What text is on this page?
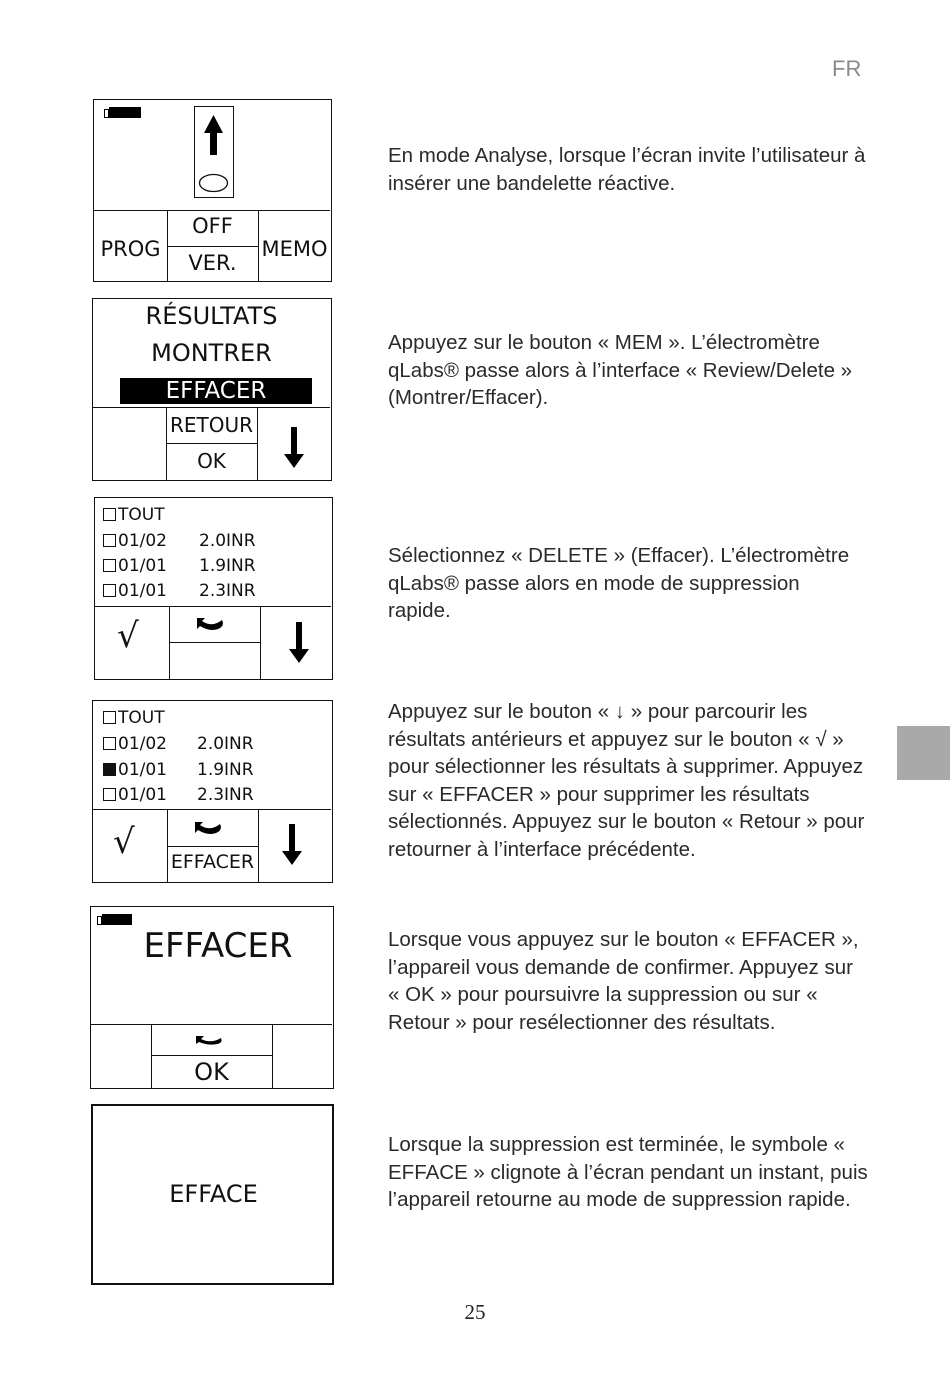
FR
PROG
OFF
VER.
MEMO

En mode Analyse, lorsque l’écran invite l’utilisateur à insérer une bandelette réactive.

RÉSULTATS
MONTRER
EFFACER
RETOUR
OK

Appuyez sur le bouton « MEM ». L’électromètre qLabs® passe alors à l’interface « Review/Delete » (Montrer/Effacer).

TOUT
01/02 2.0INR
01/01 1.9INR
01/01 2.3INR
√

Sélectionnez « DELETE » (Effacer). L’électromètre qLabs® passe alors en mode de suppression rapide.

TOUT
01/02 2.0INR
01/01 1.9INR
01/01 2.3INR
√ EFFACER

Appuyez sur le bouton « ↓ » pour parcourir les résultats antérieurs et appuyez sur le bouton « √ » pour sélectionner les résultats à supprimer. Appuyez sur « EFFACER » pour supprimer les résultats sélectionnés. Appuyez sur le bouton « Retour » pour retourner à l’interface précédente.

EFFACER
OK

Lorsque vous appuyez sur le bouton « EFFACER », l’appareil vous demande de confirmer. Appuyez sur « OK » pour poursuivre la suppression ou sur « Retour » pour resélectionner des résultats.

EFFACE

Lorsque la suppression est terminée, le symbole « EFFACE » clignote à l’écran pendant un instant, puis l’appareil retourne au mode de suppression rapide.

25
